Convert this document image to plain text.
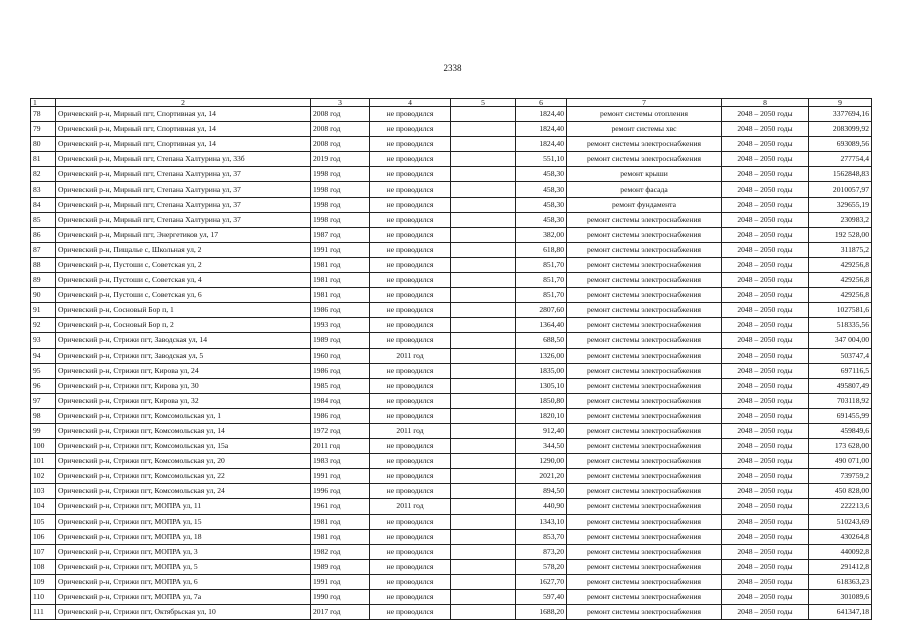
2338
1	2	3	4	5	6	7	8	9
78	Оричевский р-н, Мирный пгт, Спортивная ул, 14	2008 год	не проводился		1824,40	ремонт системы отопления	2048 – 2050 годы	3377694,16
79	Оричевский р-н, Мирный пгт, Спортивная ул, 14	2008 год	не проводился		1824,40	ремонт системы хвс	2048 – 2050 годы	2083099,92
80	Оричевский р-н, Мирный пгт, Спортивная ул, 14	2008 год	не проводился		1824,40	ремонт системы электроснабжения	2048 – 2050 годы	693089,56
81	Оричевский р-н, Мирный пгт, Степана Халтурина ул, 33б	2019 год	не проводился		551,10	ремонт системы электроснабжения	2048 – 2050 годы	277754,4
82	Оричевский р-н, Мирный пгт, Степана Халтурина ул, 37	1998 год	не проводился		458,30	ремонт крыши	2048 – 2050 годы	1562848,83
83	Оричевский р-н, Мирный пгт, Степана Халтурина ул, 37	1998 год	не проводился		458,30	ремонт фасада	2048 – 2050 годы	2010057,97
84	Оричевский р-н, Мирный пгт, Степана Халтурина ул, 37	1998 год	не проводился		458,30	ремонт фундамента	2048 – 2050 годы	329655,19
85	Оричевский р-н, Мирный пгт, Степана Халтурина ул, 37	1998 год	не проводился		458,30	ремонт системы электроснабжения	2048 – 2050 годы	230983,2
86	Оричевский р-н, Мирный пгт, Энергетиков ул, 17	1987 год	не проводился		382,00	ремонт системы электроснабжения	2048 – 2050 годы	192 528,00
87	Оричевский р-н, Пищалье с, Школьная ул, 2	1991 год	не проводился		618,80	ремонт системы электроснабжения	2048 – 2050 годы	311875,2
88	Оричевский р-н, Пустоши с, Советская ул, 2	1981 год	не проводился		851,70	ремонт системы электроснабжения	2048 – 2050 годы	429256,8
89	Оричевский р-н, Пустоши с, Советская ул, 4	1981 год	не проводился		851,70	ремонт системы электроснабжения	2048 – 2050 годы	429256,8
90	Оричевский р-н, Пустоши с, Советская ул, 6	1981 год	не проводился		851,70	ремонт системы электроснабжения	2048 – 2050 годы	429256,8
91	Оричевский р-н, Сосновый Бор п, 1	1986 год	не проводился		2807,60	ремонт системы электроснабжения	2048 – 2050 годы	1027581,6
92	Оричевский р-н, Сосновый Бор п, 2	1993 год	не проводился		1364,40	ремонт системы электроснабжения	2048 – 2050 годы	518335,56
93	Оричевский р-н, Стрижи пгт, Заводская ул, 14	1989 год	не проводился		688,50	ремонт системы электроснабжения	2048 – 2050 годы	347 004,00
94	Оричевский р-н, Стрижи пгт, Заводская ул, 5	1960 год	2011 год		1326,00	ремонт системы электроснабжения	2048 – 2050 годы	503747,4
95	Оричевский р-н, Стрижи пгт, Кирова ул, 24	1986 год	не проводился		1835,00	ремонт системы электроснабжения	2048 – 2050 годы	697116,5
96	Оричевский р-н, Стрижи пгт, Кирова ул, 30	1985 год	не проводился		1305,10	ремонт системы электроснабжения	2048 – 2050 годы	495807,49
97	Оричевский р-н, Стрижи пгт, Кирова ул, 32	1984 год	не проводился		1850,80	ремонт системы электроснабжения	2048 – 2050 годы	703118,92
98	Оричевский р-н, Стрижи пгт, Комсомольская ул, 1	1986 год	не проводился		1820,10	ремонт системы электроснабжения	2048 – 2050 годы	691455,99
99	Оричевский р-н, Стрижи пгт, Комсомольская ул, 14	1972 год	2011 год		912,40	ремонт системы электроснабжения	2048 – 2050 годы	459849,6
100	Оричевский р-н, Стрижи пгт, Комсомольская ул, 15а	2011 год	не проводился		344,50	ремонт системы электроснабжения	2048 – 2050 годы	173 628,00
101	Оричевский р-н, Стрижи пгт, Комсомольская ул, 20	1983 год	не проводился		1290,00	ремонт системы электроснабжения	2048 – 2050 годы	490 071,00
102	Оричевский р-н, Стрижи пгт, Комсомольская ул, 22	1991 год	не проводился		2021,20	ремонт системы электроснабжения	2048 – 2050 годы	739759,2
103	Оричевский р-н, Стрижи пгт, Комсомольская ул, 24	1996 год	не проводился		894,50	ремонт системы электроснабжения	2048 – 2050 годы	450 828,00
104	Оричевский р-н, Стрижи пгт, МОПРА ул, 11	1961 год	2011 год		440,90	ремонт системы электроснабжения	2048 – 2050 годы	222213,6
105	Оричевский р-н, Стрижи пгт, МОПРА ул, 15	1981 год	не проводился		1343,10	ремонт системы электроснабжения	2048 – 2050 годы	510243,69
106	Оричевский р-н, Стрижи пгт, МОПРА ул, 18	1981 год	не проводился		853,70	ремонт системы электроснабжения	2048 – 2050 годы	430264,8
107	Оричевский р-н, Стрижи пгт, МОПРА ул, 3	1982 год	не проводился		873,20	ремонт системы электроснабжения	2048 – 2050 годы	440092,8
108	Оричевский р-н, Стрижи пгт, МОПРА ул, 5	1989 год	не проводился		578,20	ремонт системы электроснабжения	2048 – 2050 годы	291412,8
109	Оричевский р-н, Стрижи пгт, МОПРА ул, 6	1991 год	не проводился		1627,70	ремонт системы электроснабжения	2048 – 2050 годы	618363,23
110	Оричевский р-н, Стрижи пгт, МОПРА ул, 7а	1990 год	не проводился		597,40	ремонт системы электроснабжения	2048 – 2050 годы	301089,6
111	Оричевский р-н, Стрижи пгт, Октябрьская ул, 10	2017 год	не проводился		1688,20	ремонт системы электроснабжения	2048 – 2050 годы	641347,18
